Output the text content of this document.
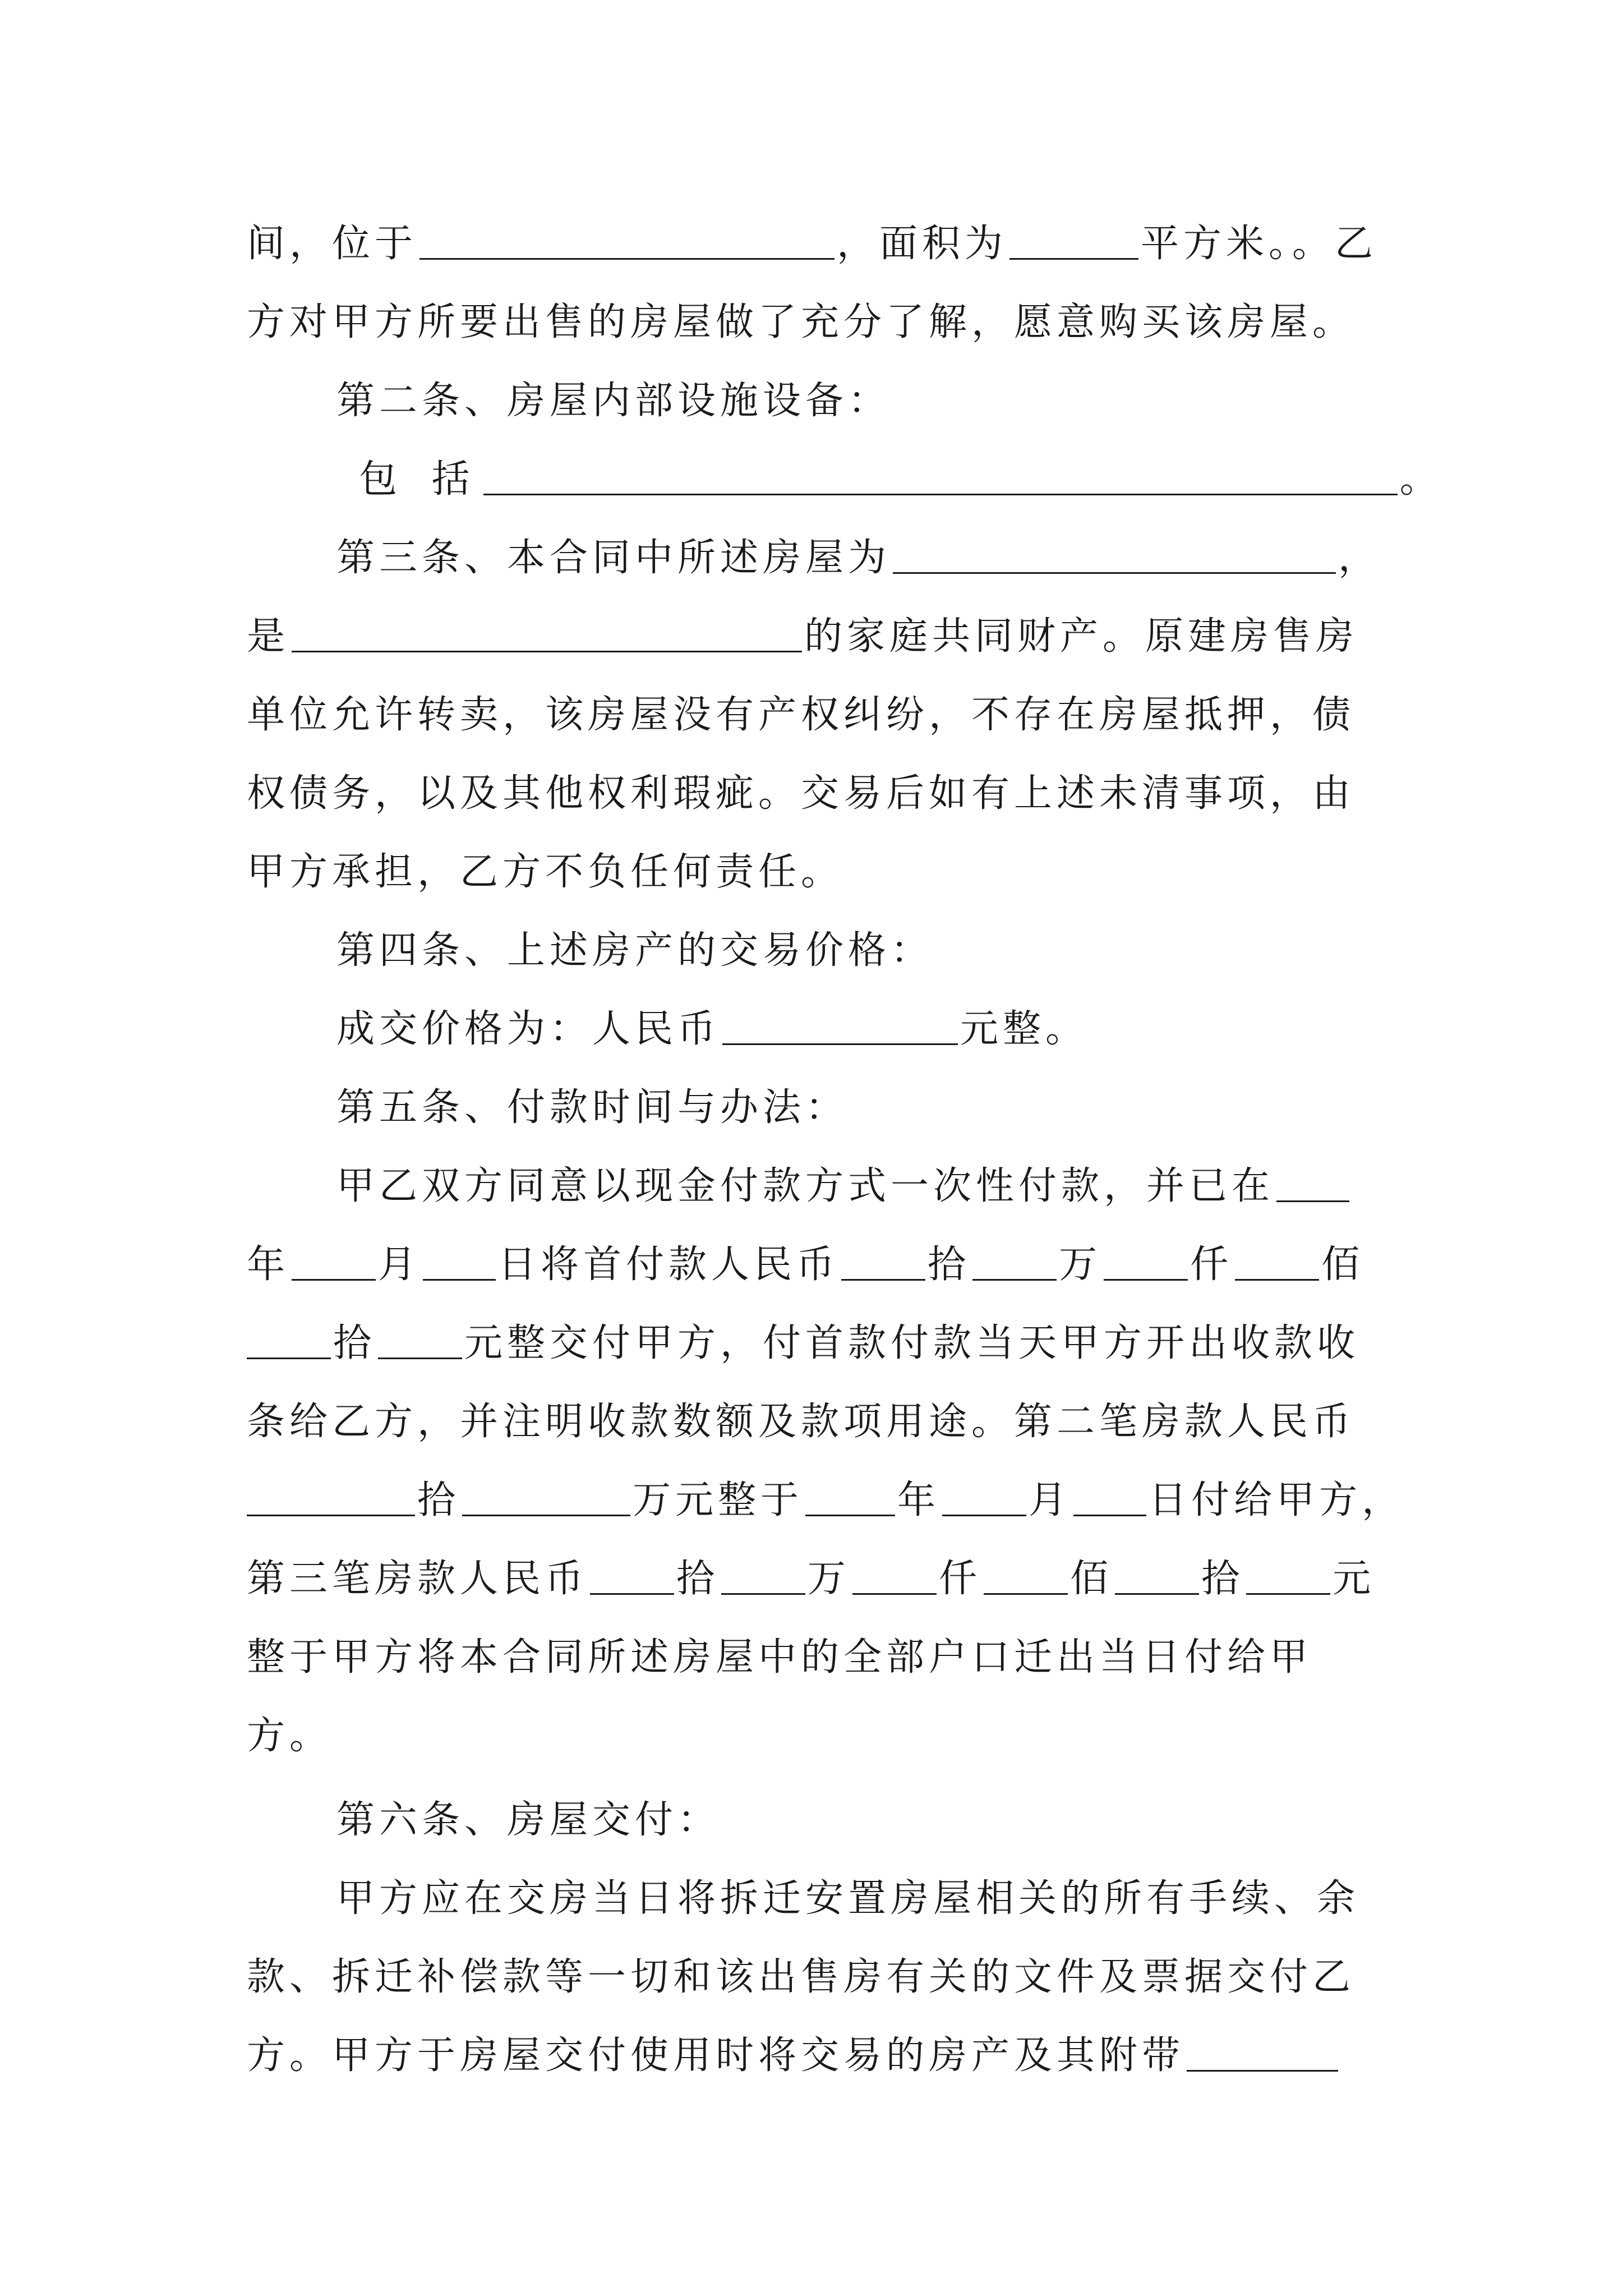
间，位于	，面积为	平方米。。乙
方对甲方所要出售的房屋做了充分了解，愿意购买该房屋。
第二条、房屋内部设施设备：
包 括	。
第三条、本合同中所述房屋为	，
是	的家庭共同财产。原建房售房
单位允许转卖，该房屋没有产权纠纷，不存在房屋抵押，债
权债务，以及其他权利瑕疵。交易后如有上述未清事项，由
甲方承担，乙方不负任何责任。
第四条、上述房产的交易价格：
成交价格为：人民币	元整。
第五条、付款时间与办法：
甲乙双方同意以现金付款方式一次性付款，并已在
年 月 日将首付款人民币 拾 万 仟 佰
拾 元整交付甲方，付首款付款当天甲方开出收款收
条给乙方，并注明收款数额及款项用途。第二笔房款人民币
拾	万元整于 年 月 日付给甲方，
第三笔房款人民币 拾 万 仟 佰 拾 元
整于甲方将本合同所述房屋中的全部户口迁出当日付给甲
方。
第六条、房屋交付：
甲方应在交房当日将拆迁安置房屋相关的所有手续、余
款、拆迁补偿款等一切和该出售房有关的文件及票据交付乙
方。甲方于房屋交付使用时将交易的房产及其附带
